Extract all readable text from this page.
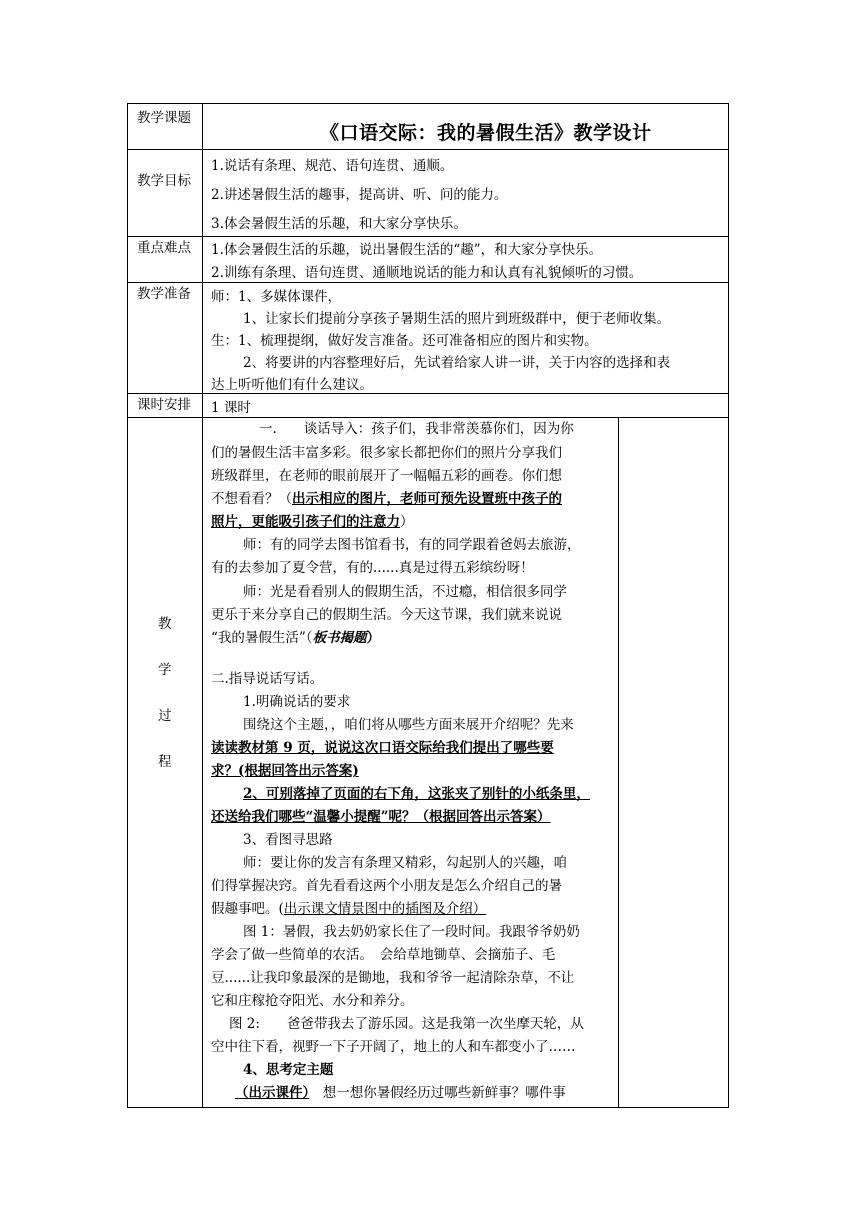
教学课题
《口语交际：我的暑假生活》教学设计
教学目标
1.说话有条理、规范、语句连贯、通顺。
2.讲述暑假生活的趣事，提高讲、听、问的能力。
3.体会暑假生活的乐趣，和大家分享快乐。
重点难点 1.体会暑假生活的乐趣，说出暑假生活的“趣”，和大家分享快乐。
2.训练有条理、语句连贯、通顺地说话的能力和认真有礼貌倾听的习惯。
教学准备 师：1、多媒体课件，
1、让家长们提前分享孩子暑期生活的照片到班级群中，便于老师收集。
生：1、梳理提纲，做好发言准备。还可准备相应的图片和实物。
2、将要讲的内容整理好后，先试着给家人讲一讲，关于内容的选择和表
达上听听他们有什么建议。
课时安排 1 课时
教
学
过
程
一.　　谈话导入：孩子们，我非常羡慕你们，因为你
们的暑假生活丰富多彩。很多家长都把你们的照片分享我们
班级群里，在老师的眼前展开了一幅幅五彩的画卷。你们想
不想看看？（出示相应的图片，老师可预先设置班中孩子的
照片，更能吸引孩子们的注意力）
师：有的同学去图书馆看书，有的同学跟着爸妈去旅游，
有的去参加了夏令营，有的......真是过得五彩缤纷呀！
师：光是看看别人的假期生活，不过瘾，相信很多同学
更乐于来分享自己的假期生活。今天这节课，我们就来说说
“我的暑假生活”（板书揭题）
二.指导说话写话。
1.明确说话的要求
围绕这个主题，，咱们将从哪些方面来展开介绍呢？先来
读读教材第 9 页，说说这次口语交际给我们提出了哪些要
求？(根据回答出示答案)
2、可别落掉了页面的右下角，这张夹了别针的小纸条里，
还送给我们哪些“温馨小提醒”呢？（根据回答出示答案）
3、看图寻思路
师：要让你的发言有条理又精彩，勾起别人的兴趣，咱
们得掌握决窍。首先看看这两个小朋友是怎么介绍自己的暑
假趣事吧。(出示课文情景图中的插图及介绍）
图 1：暑假，我去奶奶家长住了一段时间。我跟爷爷奶奶
学会了做一些简单的农活。　会给草地锄草、会摘茄子、毛
豆......让我印象最深的是锄地，我和爷爷一起清除杂草，不让
它和庄稼抢夺阳光、水分和养分。
图 2:　　爸爸带我去了游乐园。这是我第一次坐摩天轮，从
空中往下看，视野一下子开阔了，地上的人和车都变小了……
4、思考定主题
（出示课件）　想一想你暑假经历过哪些新鲜事？哪件事
